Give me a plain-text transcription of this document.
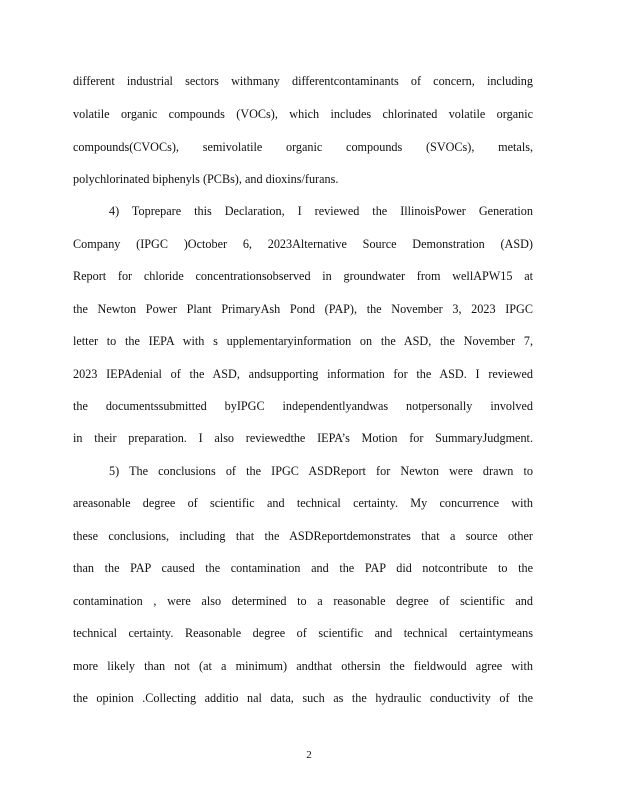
different industrial sectors withmany differentcontaminants of concern, including
volatile organic compounds (VOCs), which includes chlorinated volatile organic
compounds(CVOCs), semivolatile organic compounds (SVOCs), metals,
polychlorinated biphenyls (PCBs), and dioxins/furans.
4) Toprepare this Declaration, I reviewed the IllinoisPower Generation
Company (IPGC )October 6, 2023Alternative Source Demonstration (ASD)
Report for chloride concentrationsobserved in groundwater from wellAPW15 at
the Newton Power Plant PrimaryAsh Pond (PAP), the November 3, 2023 IPGC
letter to the IEPA with s upplementaryinformation on the ASD, the November 7,
2023 IEPAdenial of the ASD, andsupporting information for the ASD. I reviewed
the documentssubmitted byIPGC independentlyandwas notpersonally involved
in their preparation. I also reviewedthe IEPA’s Motion for SummaryJudgment.
5) The conclusions of the IPGC ASDReport for Newton were drawn to
areasonable degree of scientific and technical certainty. My concurrence with
these conclusions, including that the ASDReportdemonstrates that a source other
than the PAP caused the contamination and the PAP did notcontribute to the
contamination , were also determined to a reasonable degree of scientific and
technical certainty. Reasonable degree of scientific and technical certaintymeans
more likely than not (at a minimum) andthat othersin the fieldwould agree with
the opinion .Collecting additio nal data, such as the hydraulic conductivity of the
2
